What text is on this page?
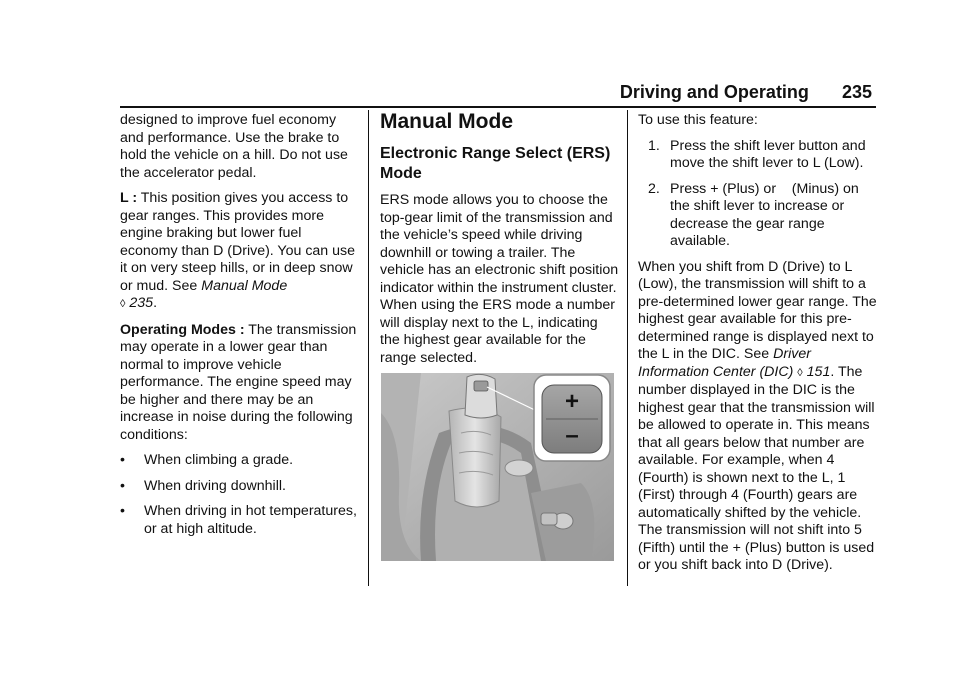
Driving and Operating 235

designed to improve fuel economy and performance. Use the brake to hold the vehicle on a hill. Do not use the accelerator pedal.

L : This position gives you access to gear ranges. This provides more engine braking but lower fuel economy than D (Drive). You can use it on very steep hills, or in deep snow or mud. See Manual Mode
◊ 235.

Operating Modes : The transmission may operate in a lower gear than normal to improve vehicle performance. The engine speed may be higher and there may be an increase in noise during the following conditions:

•	When climbing a grade.
•	When driving downhill.
•	When driving in hot temperatures, or at high altitude.
Manual Mode
Electronic Range Select (ERS) Mode

ERS mode allows you to choose the top-gear limit of the transmission and the vehicle’s speed while driving downhill or towing a trailer. The vehicle has an electronic shift position indicator within the instrument cluster. When using the ERS mode a number will display next to the L, indicating the highest gear available for the range selected.

+
–

To use this feature:

1. Press the shift lever button and move the shift lever to L (Low).
2. Press + (Plus) or    (Minus) on the shift lever to increase or decrease the gear range available.

When you shift from D (Drive) to L (Low), the transmission will shift to a pre-determined lower gear range. The highest gear available for this pre-determined range is displayed next to the L in the DIC. See Driver Information Center (DIC) ◊ 151. The number displayed in the DIC is the highest gear that the transmission will be allowed to operate in. This means that all gears below that number are available. For example, when 4 (Fourth) is shown next to the L, 1 (First) through 4 (Fourth) gears are automatically shifted by the vehicle. The transmission will not shift into 5 (Fifth) until the + (Plus) button is used or you shift back into D (Drive).
